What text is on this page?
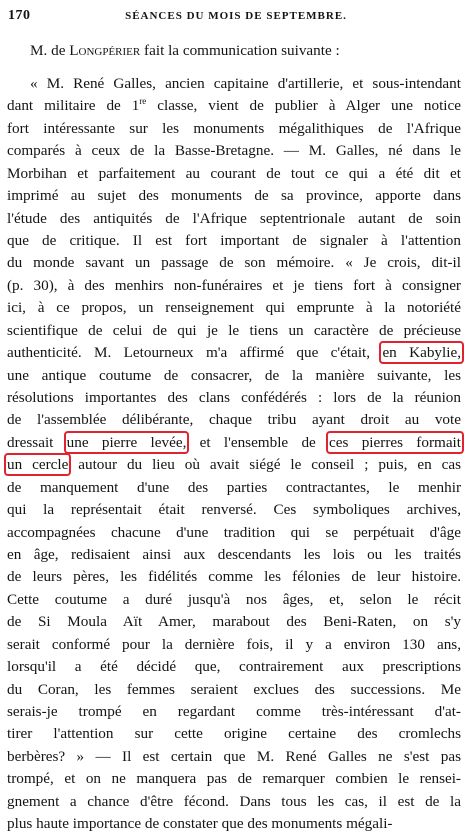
170	SÉANCES DU MOIS DE SEPTEMBRE.
M. de Longpérier fait la communication suivante :
« M. René Galles, ancien capitaine d'artillerie, et sous-intendant
dant militaire de 1re classe, vient de publier à Alger une notice
fort intéressante sur les monuments mégalithiques de l'Afrique
comparés à ceux de la Basse-Bretagne. — M. Galles, né dans le
Morbihan et parfaitement au courant de tout ce qui a été dit et
imprimé au sujet des monuments de sa province, apporte dans
l'étude des antiquités de l'Afrique septentrionale autant de soin
que de critique. Il est fort important de signaler à l'attention
du monde savant un passage de son mémoire. « Je crois, dit-il
(p. 30), à des menhirs non-funéraires et je tiens fort à consigner
ici, à ce propos, un renseignement qui emprunte à la notoriété
scientifique de celui de qui je le tiens un caractère de précieuse
authenticité. M. Letourneux m'a affirmé que c'était, en Kabylie,
une antique coutume de consacrer, de la manière suivante, les
résolutions importantes des clans confédérés : lors de la réunion
de l'assemblée délibérante, chaque tribu ayant droit au vote
dressait une pierre levée, et l'ensemble de ces pierres formait
un cercle autour du lieu où avait siégé le conseil ; puis, en cas
de manquement d'une des parties contractantes, le menhir
qui la représentait était renversé. Ces symboliques archives,
accompagnées chacune d'une tradition qui se perpétuait d'âge
en âge, redisaient ainsi aux descendants les lois ou les traités
de leurs pères, les fidélités comme les félonies de leur histoire.
Cette coutume a duré jusqu'à nos âges, et, selon le récit
de Si Moula Aït Amer, marabout des Beni-Raten, on s'y
serait conformé pour la dernière fois, il y a environ 130 ans,
lorsqu'il a été décidé que, contrairement aux prescriptions
du Coran, les femmes seraient exclues des successions. Me
serais-je trompé en regardant comme très-intéressant d'at-
tirer l'attention sur cette origine certaine des cromlechs
berbères? » — Il est certain que M. René Galles ne s'est pas
trompé, et on ne manquera pas de remarquer combien le rensei-
gnement a chance d'être fécond. Dans tous les cas, il est de la
plus haute importance de constater que des monuments mégali-
